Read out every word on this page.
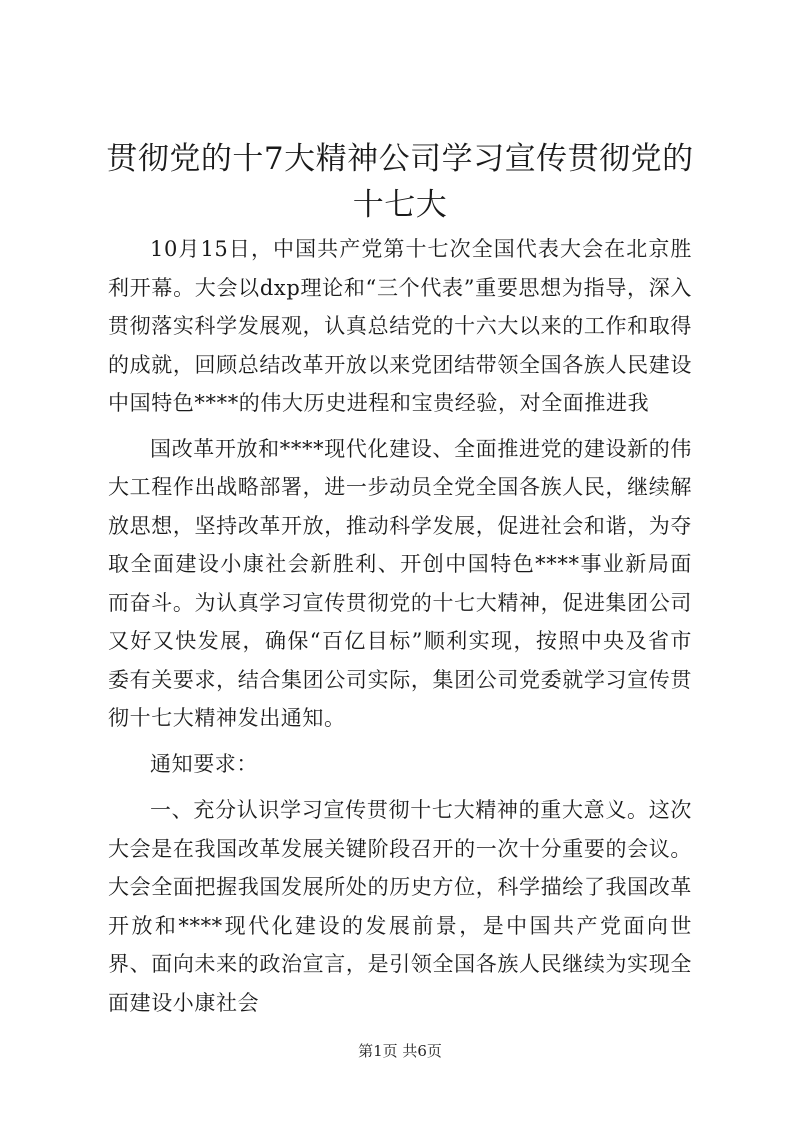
贯彻党的十7大精神公司学习宣传贯彻党的十七大

10月15日，中国共产党第十七次全国代表大会在北京胜利开幕。大会以dxp理论和“三个代表”重要思想为指导，深入贯彻落实科学发展观，认真总结党的十六大以来的工作和取得的成就，回顾总结改革开放以来党团结带领全国各族人民建设中国特色****的伟大历史进程和宝贵经验，对全面推进我

国改革开放和****现代化建设、全面推进党的建设新的伟大工程作出战略部署，进一步动员全党全国各族人民，继续解放思想，坚持改革开放，推动科学发展，促进社会和谐，为夺取全面建设小康社会新胜利、开创中国特色****事业新局面而奋斗。为认真学习宣传贯彻党的十七大精神，促进集团公司又好又快发展，确保“百亿目标”顺利实现，按照中央及省市委有关要求，结合集团公司实际，集团公司党委就学习宣传贯彻十七大精神发出通知。

通知要求：

一、充分认识学习宣传贯彻十七大精神的重大意义。这次大会是在我国改革发展关键阶段召开的一次十分重要的会议。大会全面把握我国发展所处的历史方位，科学描绘了我国改革开放和****现代化建设的发展前景，是中国共产党面向世界、面向未来的政治宣言，是引领全国各族人民继续为实现全面建设小康社会

第1页 共6页
